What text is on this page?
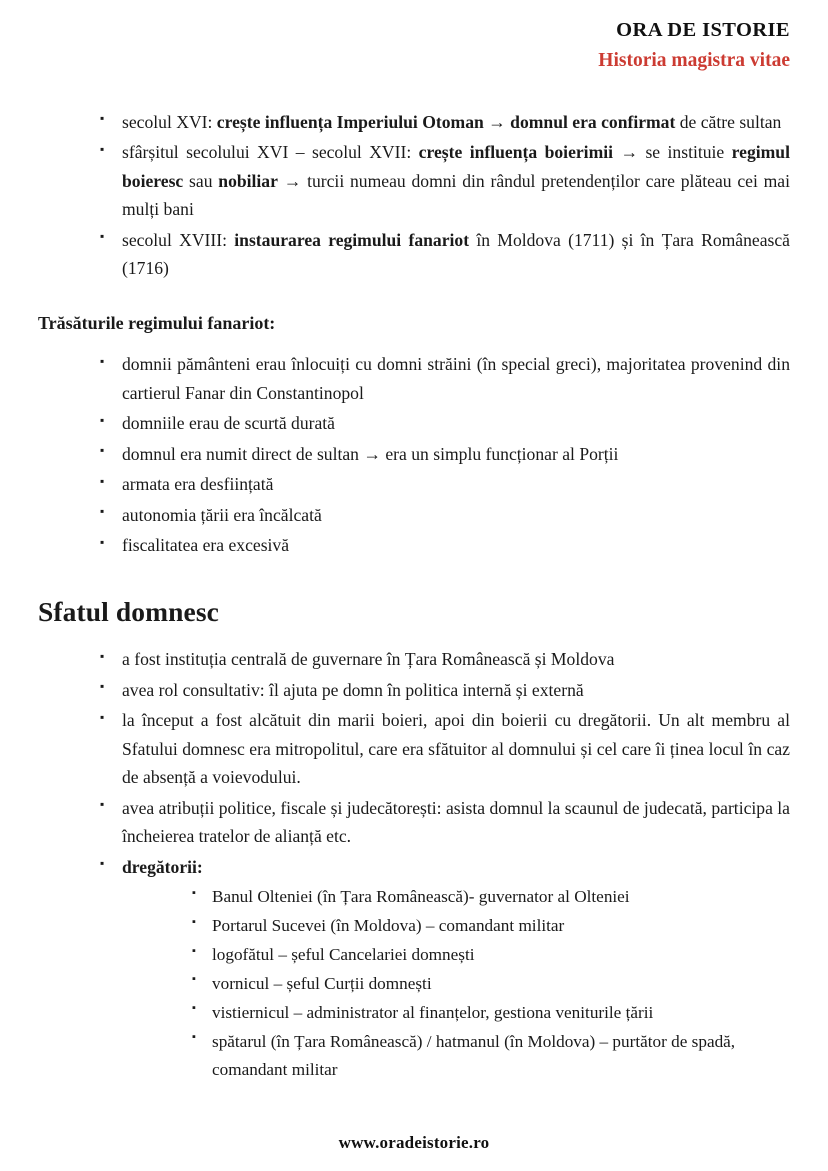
ORA DE ISTORIE
Historia magistra vitae
▪ secolul XVI: crește influența Imperiului Otoman → domnul era confirmat de către sultan
▪ sfârșitul secolului XVI – secolul XVII: crește influența boierimii → se instituie regimul boieresc sau nobiliar → turcii numeau domni din rândul pretendenților care plăteau cei mai mulți bani
▪ secolul XVIII: instaurarea regimului fanariot în Moldova (1711) și în Țara Românească (1716)
Trăsăturile regimului fanariot:
▪ domnii pământeni erau înlocuiți cu domni străini (în special greci), majoritatea provenind din cartierul Fanar din Constantinopol
▪ domniile erau de scurtă durată
▪ domnul era numit direct de sultan → era un simplu funcționar al Porții
▪ armata era desființată
▪ autonomia țării era încălcată
▪ fiscalitatea era excesivă
Sfatul domnesc
▪ a fost instituția centrală de guvernare în Țara Românească și Moldova
▪ avea rol consultativ: îl ajuta pe domn în politica internă și externă
▪ la început a fost alcătuit din marii boieri, apoi din boierii cu dregătorii. Un alt membru al Sfatului domnesc era mitropolitul, care era sfătuitor al domnului și cel care îi ținea locul în caz de absență a voievodului.
▪ avea atribuții politice, fiscale și judecătorești: asista domnul la scaunul de judecată, participa la încheierea tratelor de alianță etc.
▪ dregătorii:
▪ Banul Olteniei (în Țara Românească)- guvernator al Olteniei
▪ Portarul Sucevei (în Moldova) – comandant militar
▪ logofătul – șeful Cancelariei domnești
▪ vornicul – șeful Curții domnești
▪ vistiernicul – administrator al finanțelor, gestiona veniturile țării
▪ spătarul (în Țara Românească) / hatmanul (în Moldova) – purtător de spadă, comandant militar
www.oradeistorie.ro
